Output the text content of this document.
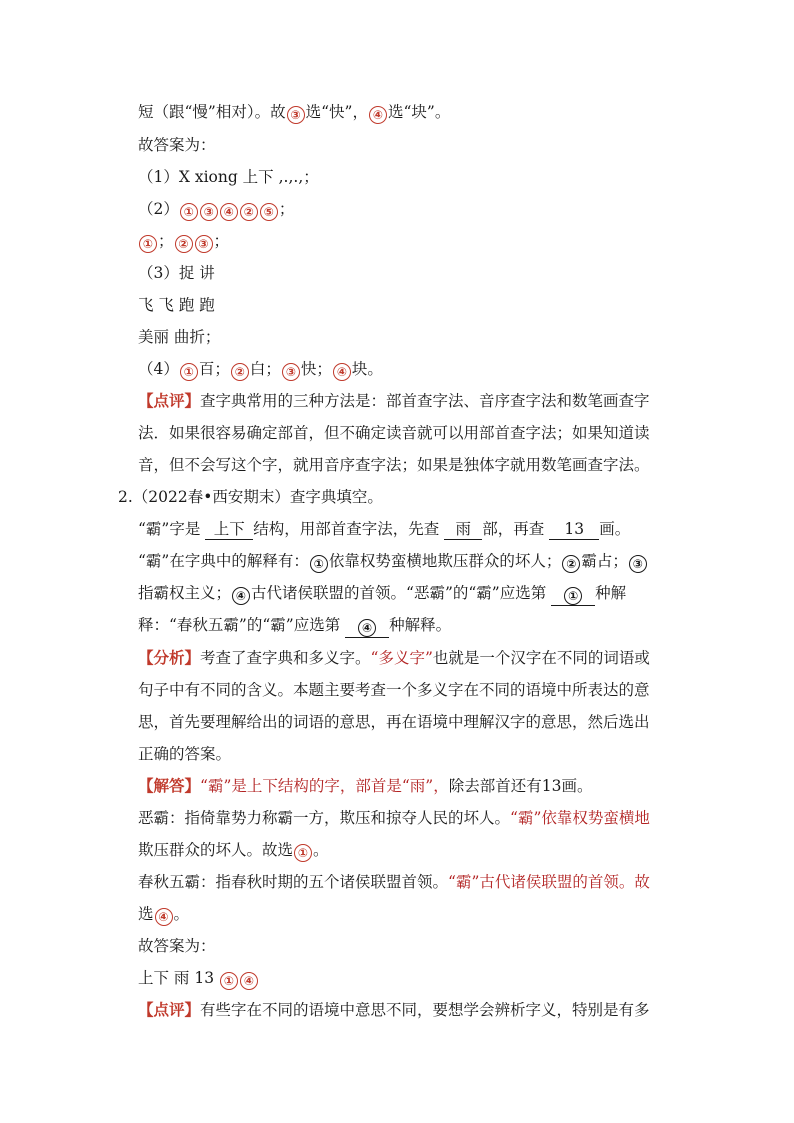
短（跟“慢”相对）。故 ③ 选“快”， ④ 选“块”。
故答案为：
（1）X xiong 上下 ,.,.,；
（2） ① ③ ④ ② ⑤ ；
① ； ② ③ ；
（3）捉 讲
飞 飞 跑 跑
美丽 曲折；
（4） ① 百； ② 白； ③ 快； ④ 块。
【点评】查字典常用的三种方法是：部首查字法、音序查字法和数笔画查字
法．如果很容易确定部首，但不确定读音就可以用部首查字法；如果知道读
音，但不会写这个字，就用音序查字法；如果是独体字就用数笔画查字法。
2.（2022春•西安期末）查字典填空。
“霸”字是 上下 结构，用部首查字法，先查 雨 部，再查 13 画。
“霸”在字典中的解释有： ① 依靠权势蛮横地欺压群众的坏人； ② 霸占； ③
指霸权主义； ④ 古代诸侯联盟的首领。“恶霸”的“霸”应选第 ① 种解
释：“春秋五霸”的“霸”应选第 ④ 种解释。
【分析】考查了查字典和多义字。“多义字”也就是一个汉字在不同的词语或
句子中有不同的含义。本题主要考查一个多义字在不同的语境中所表达的意
思，首先要理解给出的词语的意思，再在语境中理解汉字的意思，然后选出
正确的答案。
【解答】“霸”是上下结构的字，部首是“雨”，除去部首还有13画。
恶霸：指倚靠势力称霸一方，欺压和掠夺人民的坏人。“霸”依靠权势蛮横地
欺压群众的坏人。故选 ① 。
春秋五霸：指春秋时期的五个诸侯联盟首领。“霸”古代诸侯联盟的首领。故
选 ④ 。
故答案为：
上下 雨 13 ① ④
【点评】有些字在不同的语境中意思不同，要想学会辨析字义，特别是有多
